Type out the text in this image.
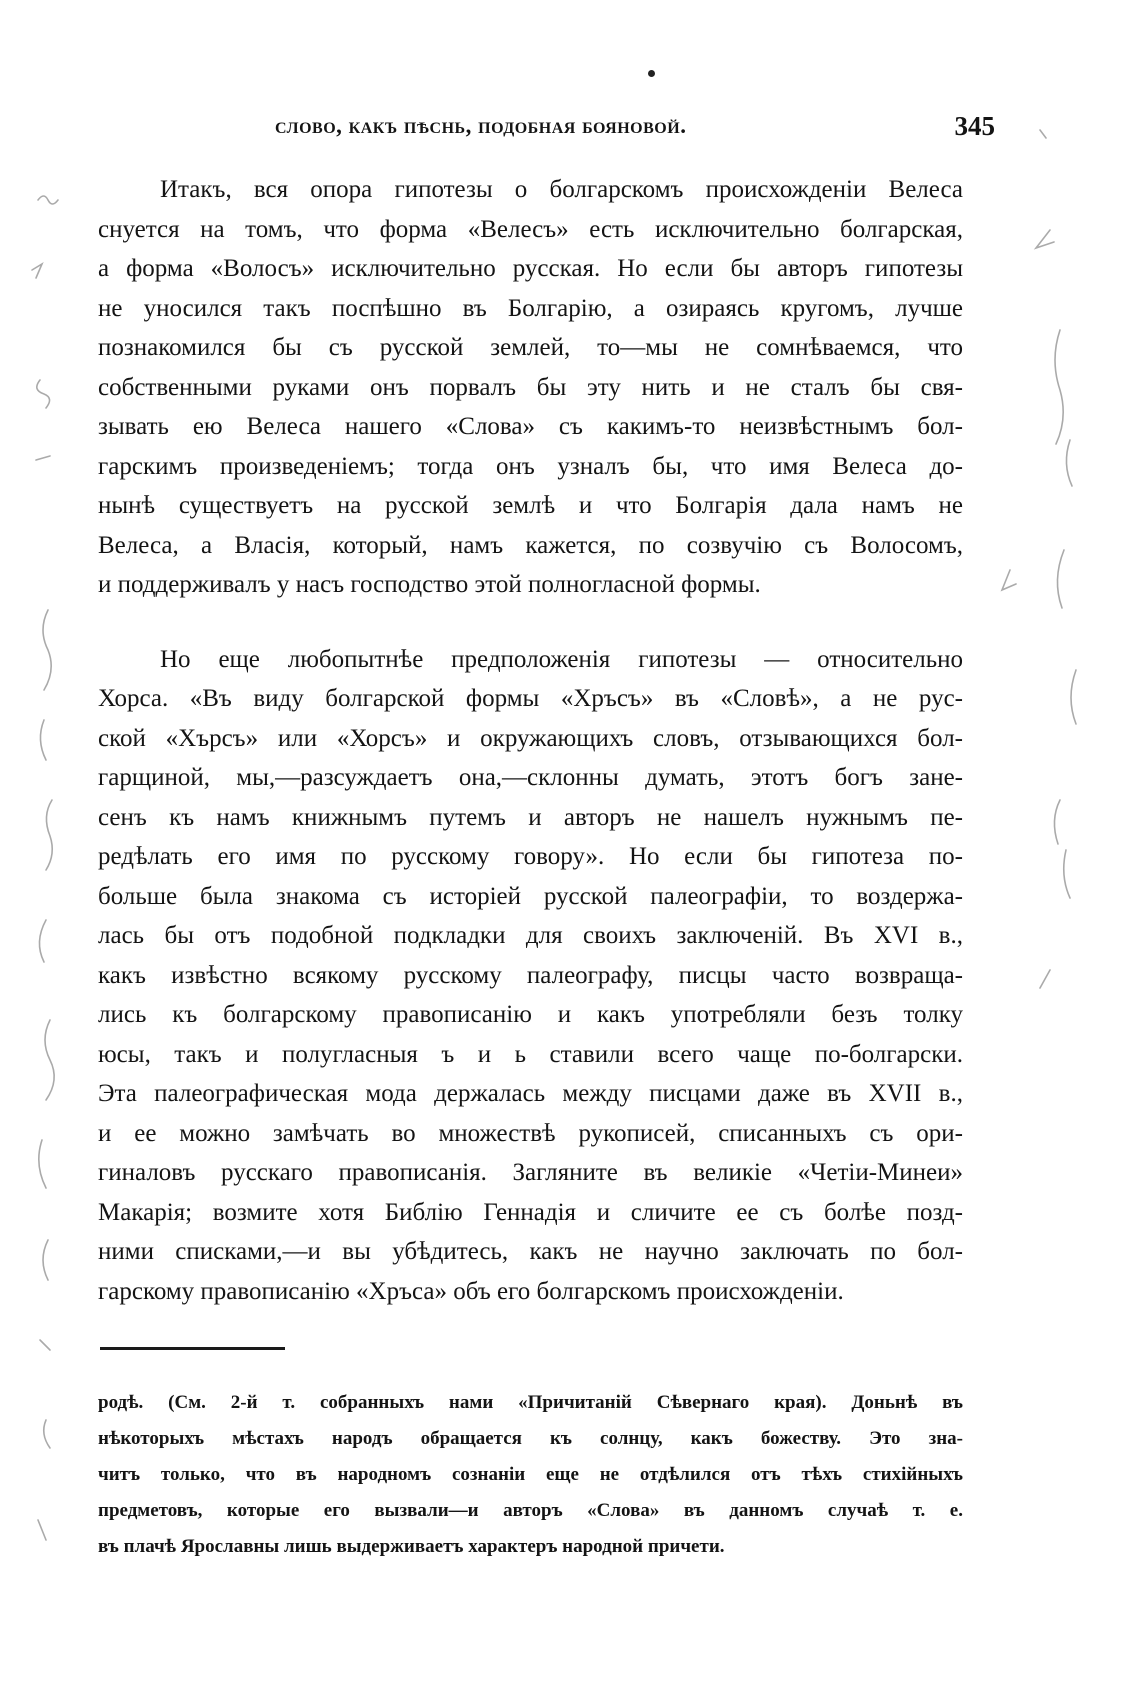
слово, какъ пѣснь, подобная бояновой.	345

Итакъ, вся опора гипотезы о болгарскомъ происхожденіи Велеса

снуется на томъ, что форма «Велесъ» есть исключительно болгарская,

а форма «Волосъ» исключительно русская. Но если бы авторъ гипотезы

не уносился такъ поспѣшно въ Болгарію, а озираясь кругомъ, лучше

познакомился бы съ русской землей, то—мы не сомнѣваемся, что

собственными руками онъ порвалъ бы эту нить и не сталъ бы свя-

зывать ею Велеса нашего «Слова» съ какимъ-то неизвѣстнымъ бол-

гарскимъ произведеніемъ; тогда онъ узналъ бы, что имя Велеса до-

нынѣ существуетъ на русской землѣ и что Болгарія дала намъ не

Велеса, а Власія, который, намъ кажется, по созвучію съ Волосомъ,

и поддерживалъ у насъ господство этой полногласной формы.

Но еще любопытнѣе предположенія гипотезы — относительно

Хорса. «Въ виду болгарской формы «Хръсъ» въ «Словѣ», а не рус-

ской «Хърсъ» или «Хорсъ» и окружающихъ словъ, отзывающихся бол-

гарщиной, мы,—разсуждаетъ она,—склонны думать, этотъ богъ зане-

сенъ къ намъ книжнымъ путемъ и авторъ не нашелъ нужнымъ пе-

редѣлать его имя по русскому говору». Но если бы гипотеза по-

больше была знакома съ исторіей русской палеографіи, то воздержа-

лась бы отъ подобной подкладки для своихъ заключеній. Въ XVI в.,

какъ извѣстно всякому русскому палеографу, писцы часто возвраща-

лись къ болгарскому правописанію и какъ употребляли безъ толку

юсы, такъ и полугласныя ъ и ь ставили всего чаще по-болгарски.

Эта палеографическая мода держалась между писцами даже въ XVII в.,

и ее можно замѣчать во множествѣ рукописей, списанныхъ съ ори-

гиналовъ русскаго правописанія. Загляните въ великіе «Четіи-Минеи»

Макарія; возмите хотя Библію Геннадія и сличите ее съ болѣе позд-

ними списками,—и вы убѣдитесь, какъ не научно заключать по бол-

гарскому правописанію «Хръса» объ его болгарскомъ происхожденіи.

родѣ. (См. 2-й т. собранныхъ нами «Причитаній Сѣвернаго края). Доньнѣ въ

нѣкоторыхъ мѣстахъ народъ обращается къ солнцу, какъ божеству. Это зна-

читъ только, что въ народномъ сознаніи еще не отдѣлился отъ тѣхъ стихійныхъ

предметовъ, которые его вызвали—и авторъ «Слова» въ данномъ случаѣ т. е.

въ плачѣ Ярославны лишь выдерживаетъ характеръ народной причети.
